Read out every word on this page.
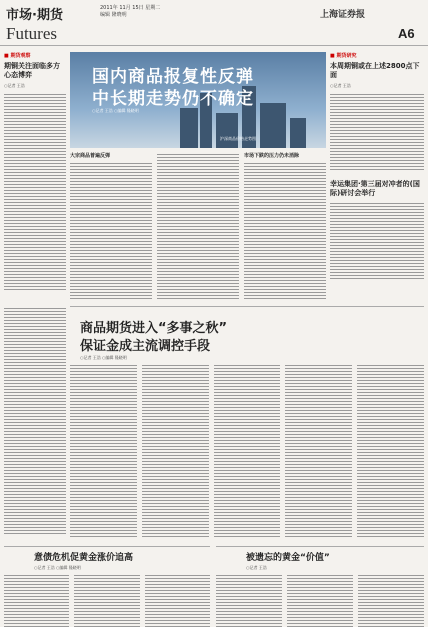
市场·期货
Futures
2011年 11月 15日 星期二
编辑 隆晓明	上海证券报
A6
■ 期货观察
期铜关注面临多方心态博弈
○记者 王浩	国内商品报复性反弹
中长期走势仍不确定
○记者 王浩 ○编辑 隆晓明
沪深商品价格走势图
大宗商品普遍反弹	市场下跌的压力仍未消除
■ 期货研究
本周期铜或在上述2800点下面
○记者 王浩
幸运集团·第三届对冲者的(国际)研讨会举行
商品期货进入“多事之秋”
保证金成主流调控手段
○记者 王浩 ○编辑 隆晓明
意债危机促黄金涨价追高
○记者 王浩 ○编辑 隆晓明
被遗忘的黄金“价值”
○记者 王浩
